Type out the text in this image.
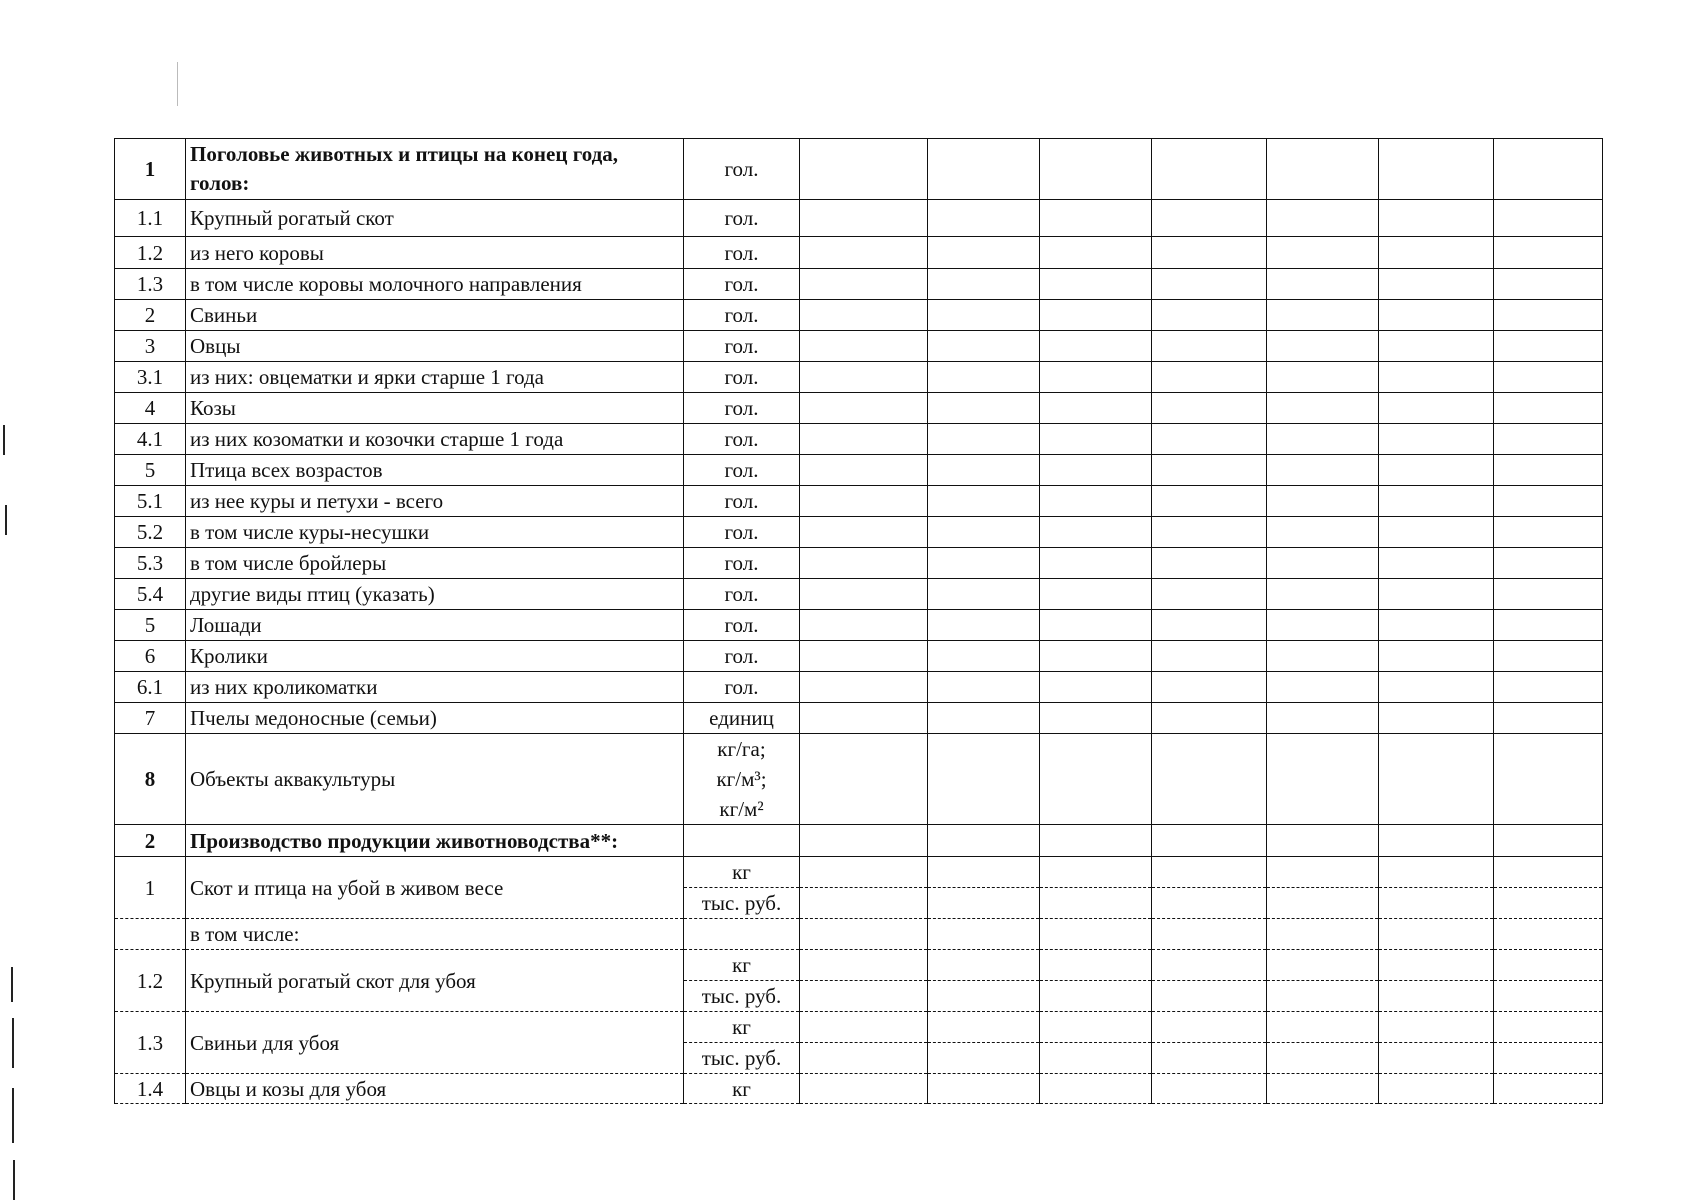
1	Поголовье животных и птицы на конец года, голов:	гол.							
1.1	Крупный рогатый скот	гол.							
1.2	из него коровы	гол.							
1.3	в том числе коровы молочного направления	гол.							
2	Свиньи	гол.							
3	Овцы	гол.							
3.1	из них: овцематки и ярки старше 1 года	гол.							
4	Козы	гол.							
4.1	из них козоматки и козочки старше 1 года	гол.							
5	Птица всех возрастов	гол.							
5.1	из нее куры и петухи - всего	гол.							
5.2	в том числе куры-несушки	гол.							
5.3	в том числе бройлеры	гол.							
5.4	другие виды птиц (указать)	гол.							
5	Лошади	гол.							
6	Кролики	гол.							
6.1	из них кроликоматки	гол.							
7	Пчелы медоносные (семьи)	единиц							
8	Объекты аквакультуры	кг/га;
кг/м³;
кг/м²							

2	Производство продукции животноводства**:								
1	Скот и птица на убой в живом весе	кг							
		тыс. руб.							
	в том числе:								
1.2	Крупный рогатый скот для убоя	кг							
		тыс. руб.							
1.3	Свиньи для убоя	кг							
		тыс. руб.							
1.4	Овцы и козы для убоя	кг							
